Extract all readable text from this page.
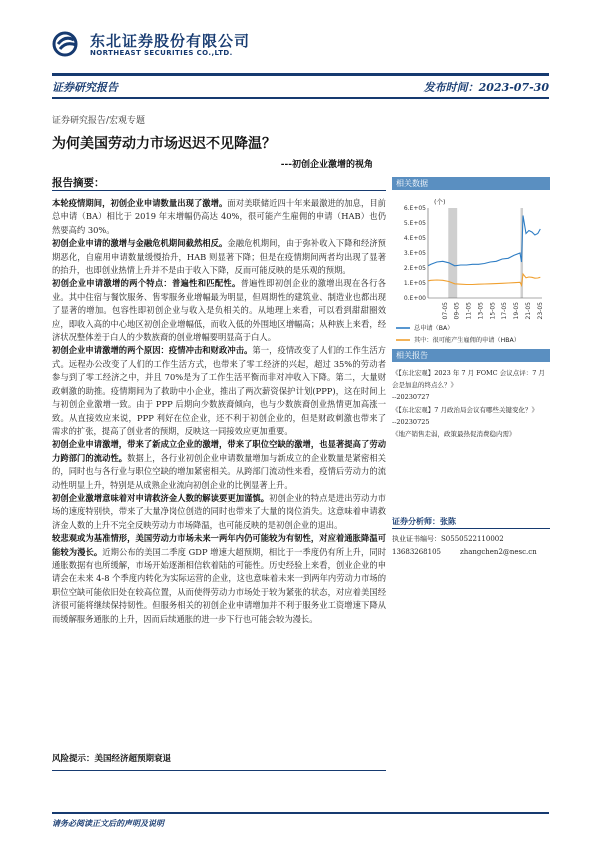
东北证券股份有限公司
NORTHEAST SECURITIES CO.,LTD.
证券研究报告	发布时间：2023-07-30
证券研究报告/宏观专题
为何美国劳动力市场迟迟不见降温？
---初创企业激增的视角
报告摘要：

本轮疫情期间，初创企业申请数量出现了激增。面对美联储近四十年来最激进的加息，目前总申请（BA）相比于 2019 年末增幅仍高达 40%，很可能产生雇佣的申请（HAB）也仍然要高约 30%。

初创企业申请的激增与金融危机期间截然相反。金融危机期间，由于弥补收入下降和经济预期恶化，自雇用申请数量缓慢抬升，HAB 则显著下降；但是在疫情期间两者均出现了显著的抬升，也即创业热情上升并不是由于收入下降，反而可能反映的是乐观的预期。

初创企业申请激增的两个特点：普遍性和匹配性。普遍性即初创企业的激增出现在各行各业。其中住宿与餐饮服务、售零服务业增幅最为明显，但周期性的建筑业、制造业也都出现了显著的增加。包容性即初创企业与收入是负相关的。从地理上来看，可以看到甜甜圈效应，即收入高的中心地区初创企业增幅低，而收入低的外围地区增幅高；从种族上来看，经济状况整体差于白人的少数族裔的创业增幅要明显高于白人。

初创企业申请激增的两个原因：疫情冲击和财政冲击。第一，疫情改变了人们的工作生活方式。远程办公改变了人们的工作生活方式，也带来了零工经济的兴起，超过 35%的劳动者参与到了零工经济之中，并且 70%是为了工作生活平衡而非对冲收入下降。第二，大量财政刺激的助推。疫情期间为了救助中小企业，推出了两次薪资保护计划(PPP)，这在时间上与初创企业激增一致。由于 PPP 后期向少数族裔倾向，也与少数族裔创业热情更加高涨一致。从直接效应来说，PPP 利好在位企业，还不利于初创企业的，但是财政刺激也带来了需求的扩张，提高了创业者的预期，反映这一同接效应更加重要。

初创企业申请激增，带来了新成立企业的激增，带来了职位空缺的激增，也显著提高了劳动力跨部门的流动性。数据上，各行业初创企业申请数量增加与新成立的企业数量是紧密相关的，同时也与各行业与职位空缺的增加紧密相关。从跨部门流动性来看，疫情后劳动力的流动性明显上升，特别是从成熟企业流向初创企业的比例显著上升。

初创企业激增意味着对申请救济金人数的解读要更加谨慎。初创企业的特点是进出劳动力市场的速度特别快，带来了大量净岗位创造的同时也带来了大量的岗位消失。这意味着申请救济金人数的上升不完全反映劳动力市场降温，也可能反映的是初创企业的退出。

较悲观或为基准情形，美国劳动力市场未来一两年内仍可能较为有韧性，对应着通胀降温可能较为漫长。近期公布的美国二季度 GDP 增速大超预期，相比于一季度仍有所上升，同时通胀数据有也所缓解，市场开始逐渐相信软着陆的可能性。历史经验上来看，创业企业的申请会在未来 4-8 个季度内转化为实际运营的企业，这也意味着未来一到两年内劳动力市场的职位空缺可能依旧处在较高位置，从而使得劳动力市场处于较为紧张的状态，对应着美国经济很可能将继续保持韧性。但服务相关的初创企业申请增加并不利于服务业工资增速下降从而缓解服务通胀的上升，因而后续通胀的进一步下行也可能会较为漫长。

风险提示：美国经济超预期衰退
请务必阅读正文后的声明及说明
相关数据
(个)
0.E+00
1.E+05
2.E+05
3.E+05
4.E+05
5.E+05
6.E+05
07-05 09-05 11-05 13-05 15-05 17-05 19-05 21-05 23-05
总申请（BA）
其中：很可能产生雇佣的申请（HBA）
相关报告
《【东北宏观】2023 年 7 月 FOMC 会议点评：7 月会是加息的终点么？》
--20230727
《【东北宏观】7 月政治局会议有哪些关键变化？》
--20230725
《地产销售走弱，政策最热促消费稳内需》
证券分析师：张陈
执业证书编号：S0550522110002
13683268105	zhangchen2@nesc.cn
